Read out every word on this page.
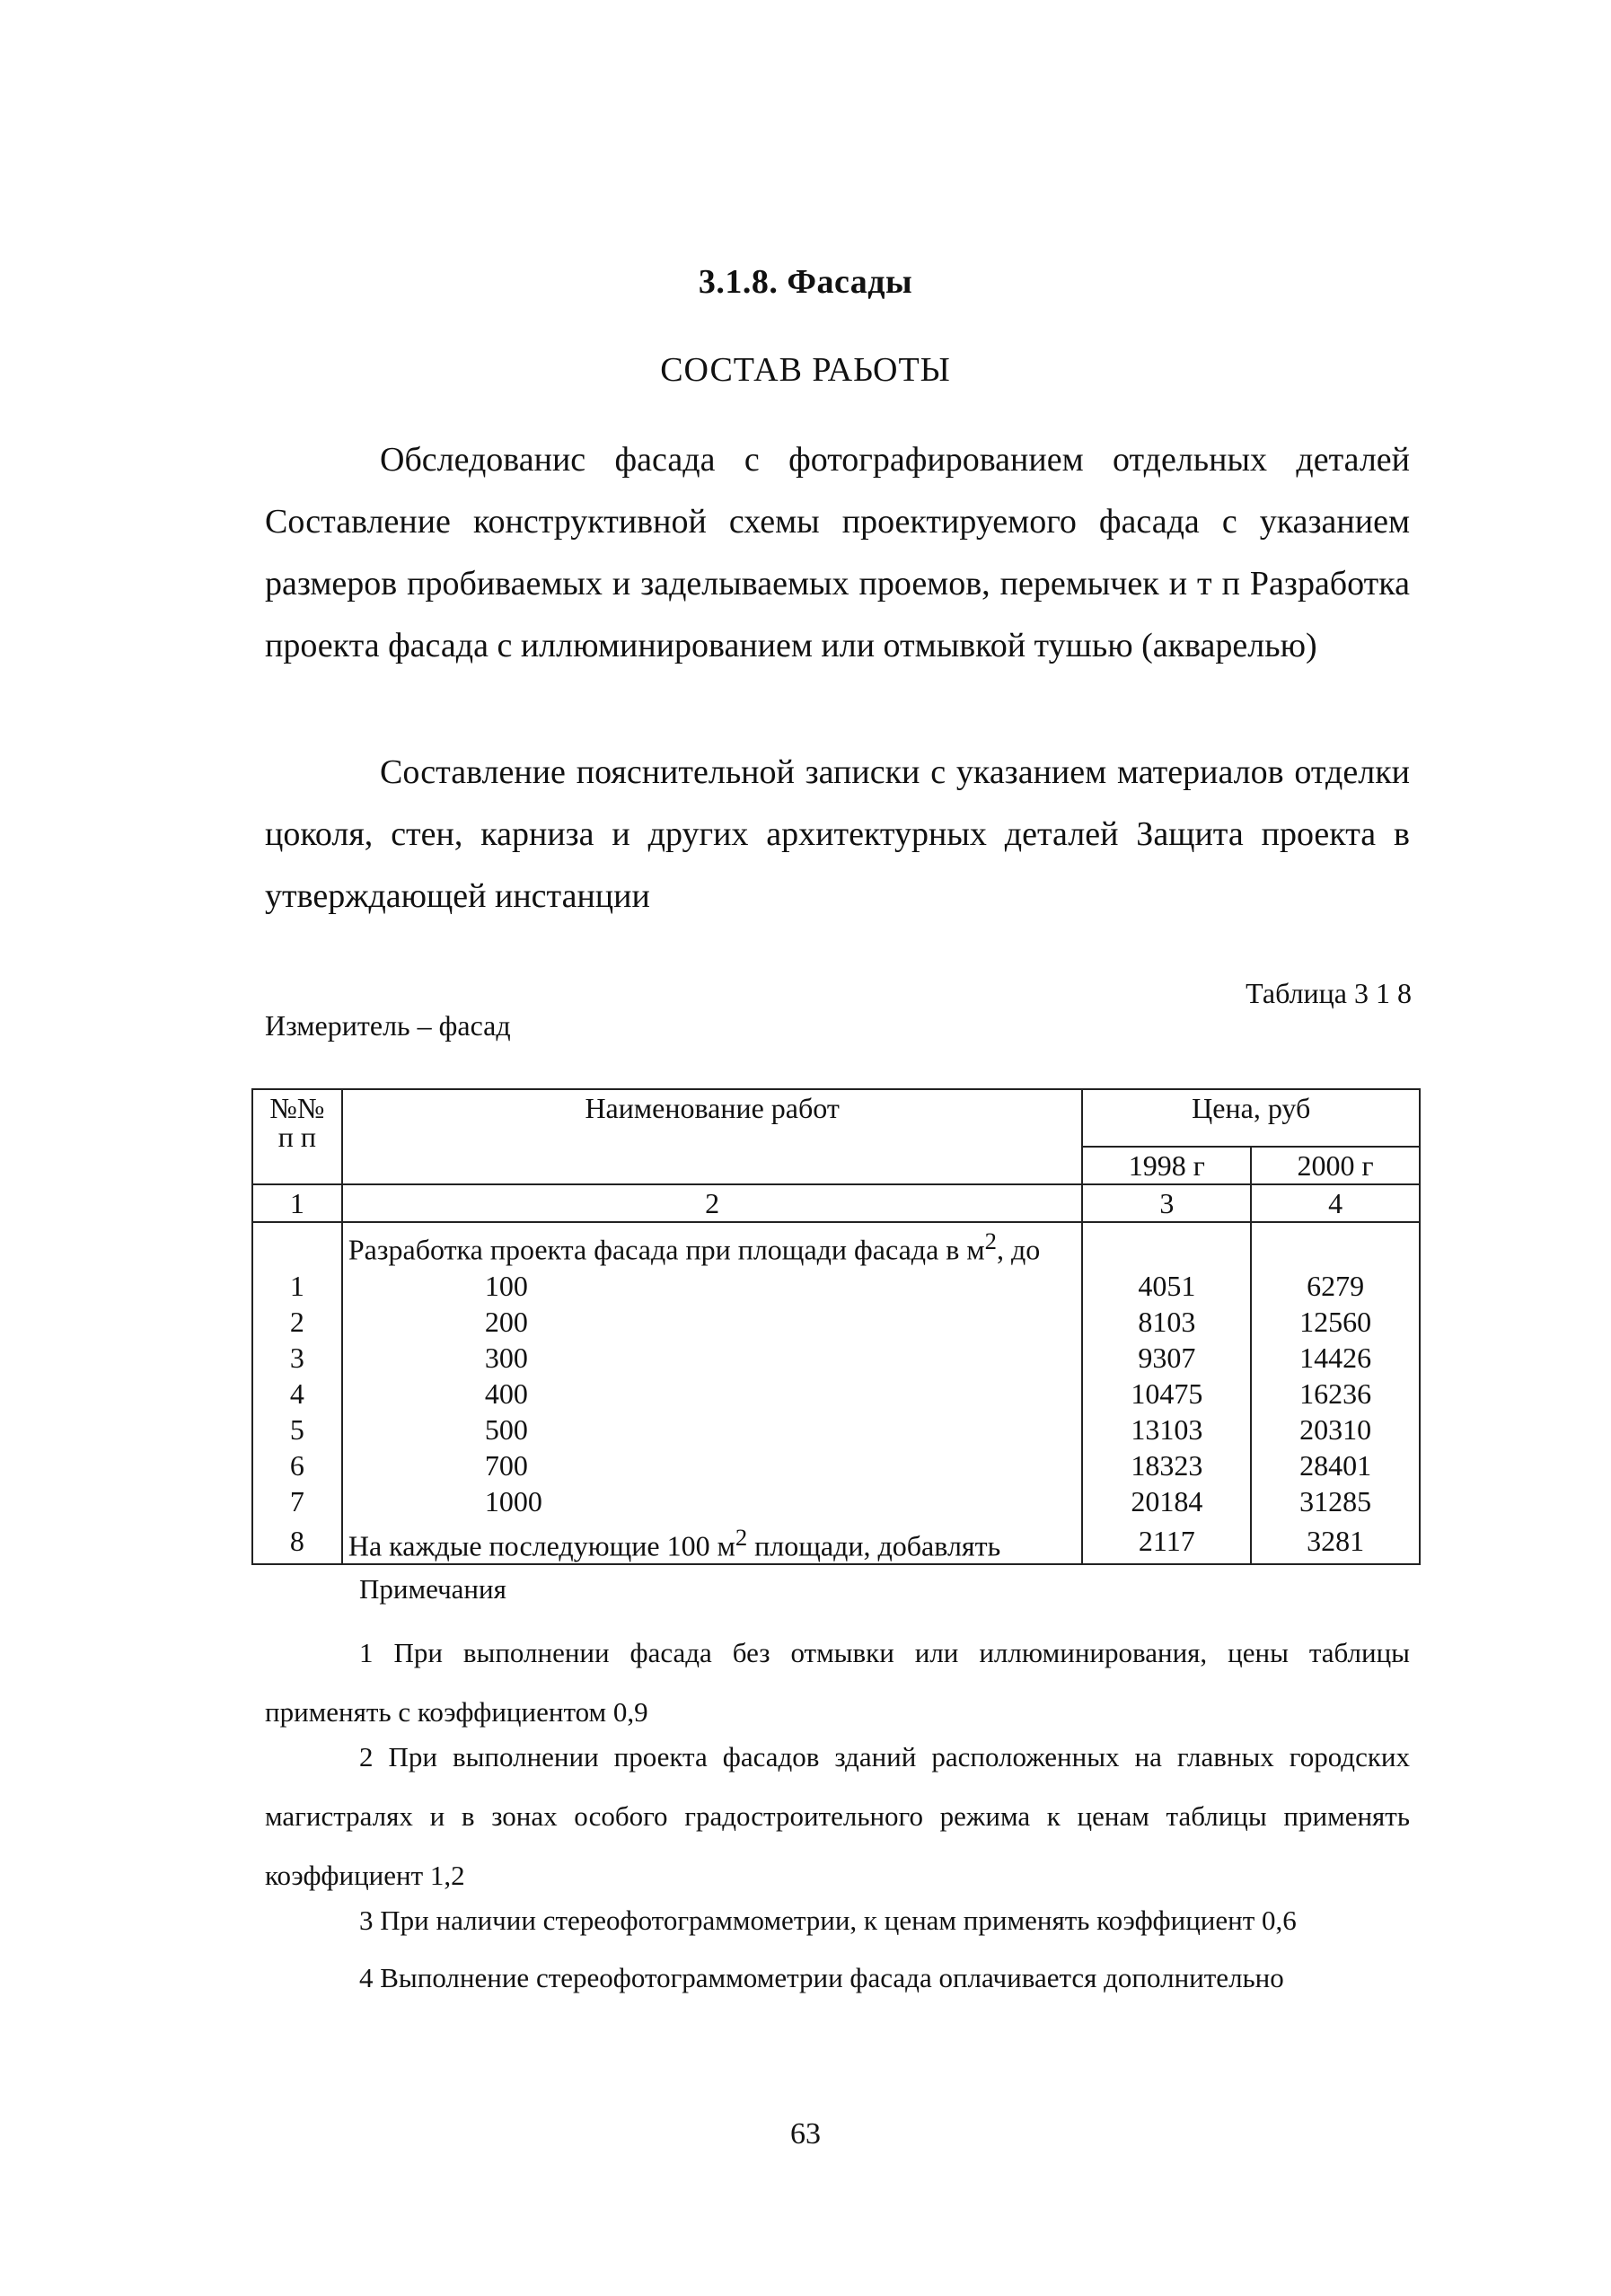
3.1.8. Фасады
СОСТАВ РАЬОТЫ

Обследованис фасада с фотографированием отдельных деталей Составление конструктивной схемы проектируемого фасада с указанием размеров пробиваемых и заделываемых проемов, перемычек и т п Разработка проекта фасада с иллюминированием или отмывкой тушью (акварелью)

Составление пояснительной записки с указанием материалов отделки цоколя, стен, карниза и других архитектурных деталей Защита проекта в утверждающей инстанции

Таблица 3 1 8
Измеритель – фасад
№№
п п	Наименование работ	Цена, руб	
		1998 г	2000 г
1	2	3	4
	Разработка проекта фасада при площади фасада в $м^2$, до		
1	100	4051	6279
2	200	8103	12560
3	300	9307	14426
4	400	10475	16236
5	500	13103	20310
6	700	18323	28401
7	1000	20184	31285
8	На каждые последующие 100 $м^2$ площади, добавлять	2117	3281
Примечания

1 При выполнении фасада без отмывки или иллюминирования, цены таблицы применять с коэффициентом 0,9

2 При выполнении проекта фасадов зданий расположенных на главных городских магистралях и в зонах особого градостроительного режима к ценам таблицы применять коэффициент 1,2

3 При наличии стереофотограммометрии, к ценам применять коэффициент 0,6

4 Выполнение стереофотограммометрии фасада оплачивается дополнительно

63
